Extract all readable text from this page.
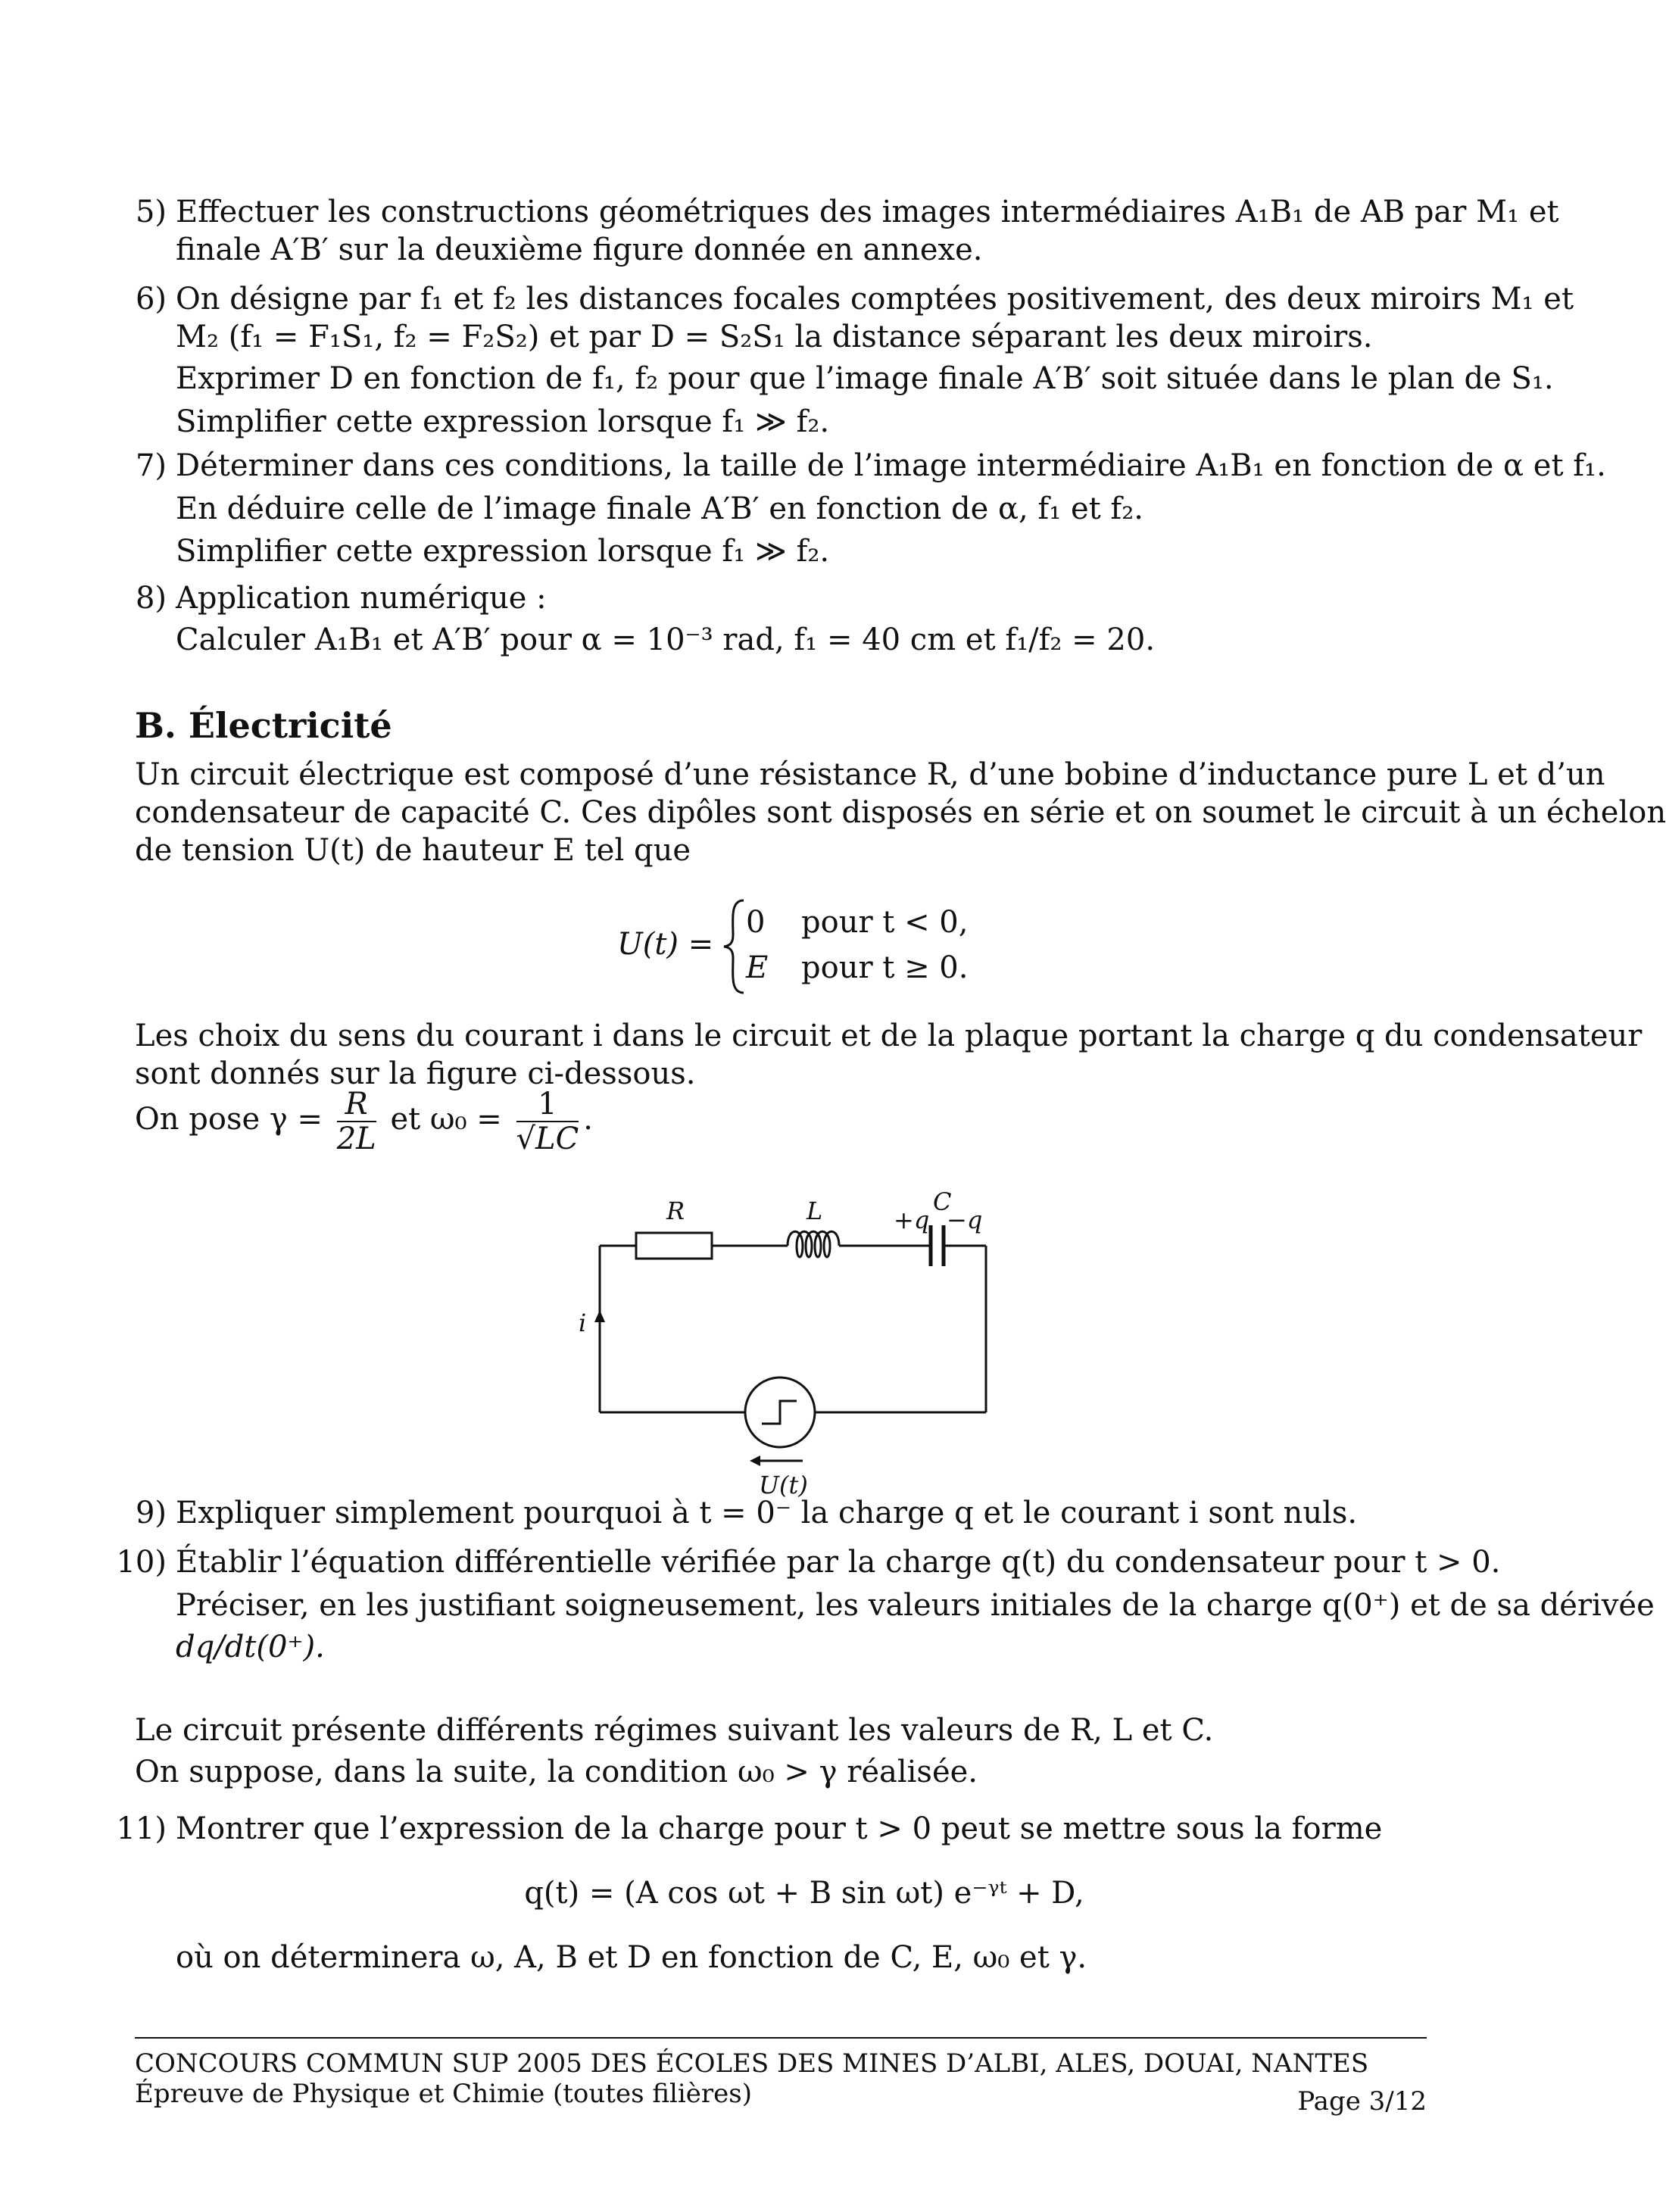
5) Effectuer les constructions géométriques des images intermédiaires A₁B₁ de AB par M₁ et
finale A′B′ sur la deuxième figure donnée en annexe.
6) On désigne par f₁ et f₂ les distances focales comptées positivement, des deux miroirs M₁ et
M₂ (f₁ = F₁S₁, f₂ = F₂S₂) et par D = S₂S₁ la distance séparant les deux miroirs.
Exprimer D en fonction de f₁, f₂ pour que l’image finale A′B′ soit située dans le plan de S₁.
Simplifier cette expression lorsque f₁ ≫ f₂.
7) Déterminer dans ces conditions, la taille de l’image intermédiaire A₁B₁ en fonction de α et f₁.
En déduire celle de l’image finale A′B′ en fonction de α, f₁ et f₂.
Simplifier cette expression lorsque f₁ ≫ f₂.
8) Application numérique :
Calculer A₁B₁ et A′B′ pour α = 10⁻³ rad, f₁ = 40 cm et f₁/f₂ = 20.
B. Électricité
Un circuit électrique est composé d’une résistance R, d’une bobine d’inductance pure L et d’un
condensateur de capacité C. Ces dipôles sont disposés en série et on soumet le circuit à un échelon
de tension U(t) de hauteur E tel que
U(t) =
0 pour t < 0,
E pour t ≥ 0.
Les choix du sens du courant i dans le circuit et de la plaque portant la charge q du condensateur
sont donnés sur la figure ci-dessous.
On pose $\gamma = \frac{R}{2L}$ et $\omega_0 = \frac{1}{√LC}$ .
R	L	C
+q −q
i
U(t)
9) Expliquer simplement pourquoi à t = 0⁻ la charge q et le courant i sont nuls.
10) Établir l’équation différentielle vérifiée par la charge q(t) du condensateur pour t > 0.
Préciser, en les justifiant soigneusement, les valeurs initiales de la charge q(0⁺) et de sa dérivée
dq/dt(0⁺).
Le circuit présente différents régimes suivant les valeurs de R, L et C.
On suppose, dans la suite, la condition ω₀ > γ réalisée.
11) Montrer que l’expression de la charge pour t > 0 peut se mettre sous la forme
q(t) = (A cos ωt + B sin ωt) e⁻ᵞᵗ + D,
où on déterminera ω, A, B et D en fonction de C, E, ω₀ et γ.
CONCOURS COMMUN SUP 2005 DES ÉCOLES DES MINES D’ALBI, ALES, DOUAI, NANTES
Épreuve de Physique et Chimie (toutes filières)	Page 3/12
